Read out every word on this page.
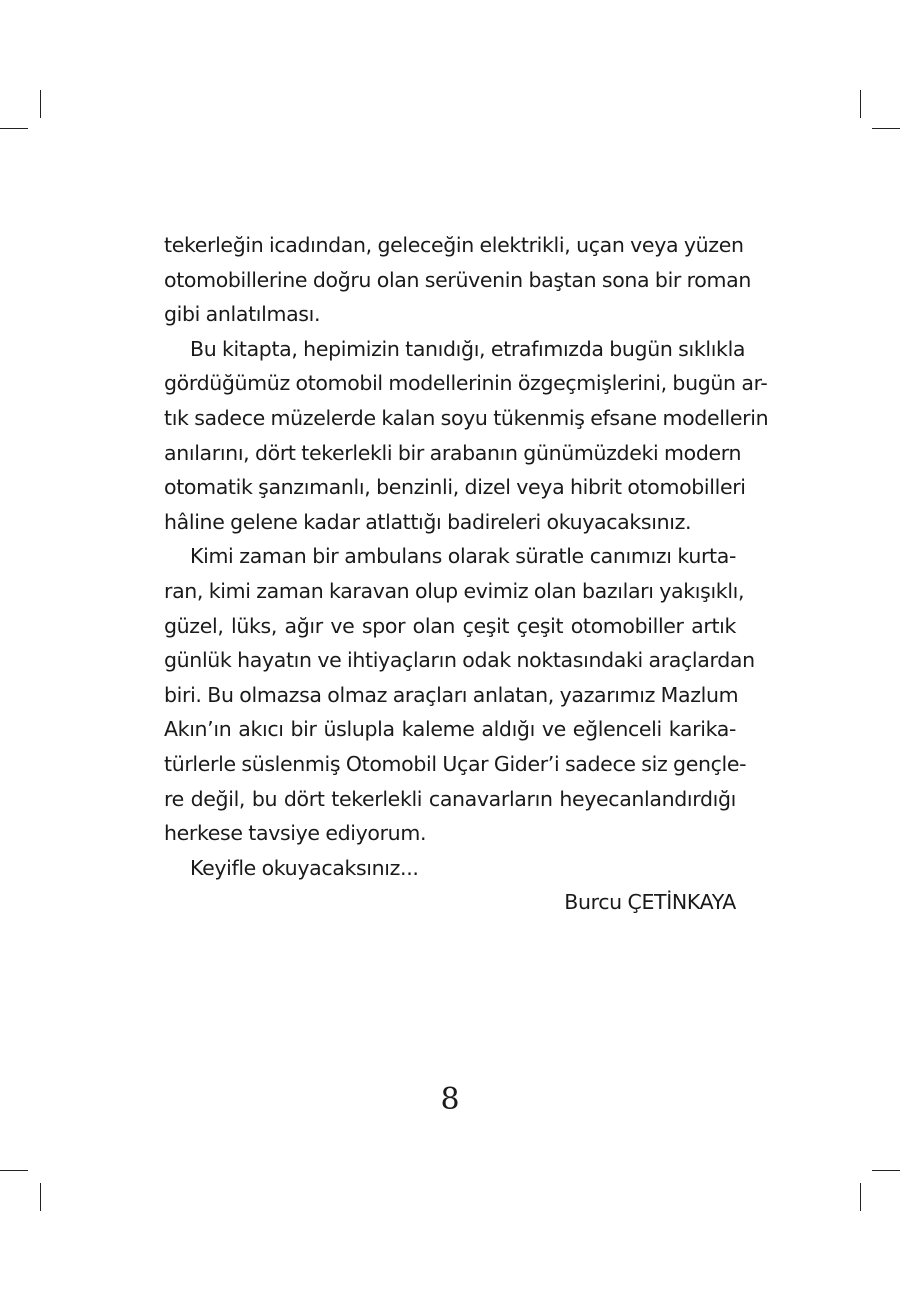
tekerleğin icadından, geleceğin elektrikli, uçan veya yüzen
otomobillerine doğru olan serüvenin baştan sona bir roman
gibi anlatılması.
Bu kitapta, hepimizin tanıdığı, etrafımızda bugün sıklıkla
gördüğümüz otomobil modellerinin özgeçmişlerini, bugün ar-
tık sadece müzelerde kalan soyu tükenmiş efsane modellerin
anılarını, dört tekerlekli bir arabanın günümüzdeki modern
otomatik şanzımanlı, benzinli, dizel veya hibrit otomobilleri
hâline gelene kadar atlattığı badireleri okuyacaksınız.
Kimi zaman bir ambulans olarak süratle canımızı kurta-
ran, kimi zaman karavan olup evimiz olan bazıları yakışıklı,
güzel, lüks, ağır ve spor olan çeşit çeşit otomobiller artık
günlük hayatın ve ihtiyaçların odak noktasındaki araçlardan
biri. Bu olmazsa olmaz araçları anlatan, yazarımız Mazlum
Akın’ın akıcı bir üslupla kaleme aldığı ve eğlenceli karika-
türlerle süslenmiş Otomobil Uçar Gider’i sadece siz gençle-
re değil, bu dört tekerlekli canavarların heyecanlandırdığı
herkese tavsiye ediyorum.
Keyifle okuyacaksınız...
Burcu ÇETİNKAYA
8
